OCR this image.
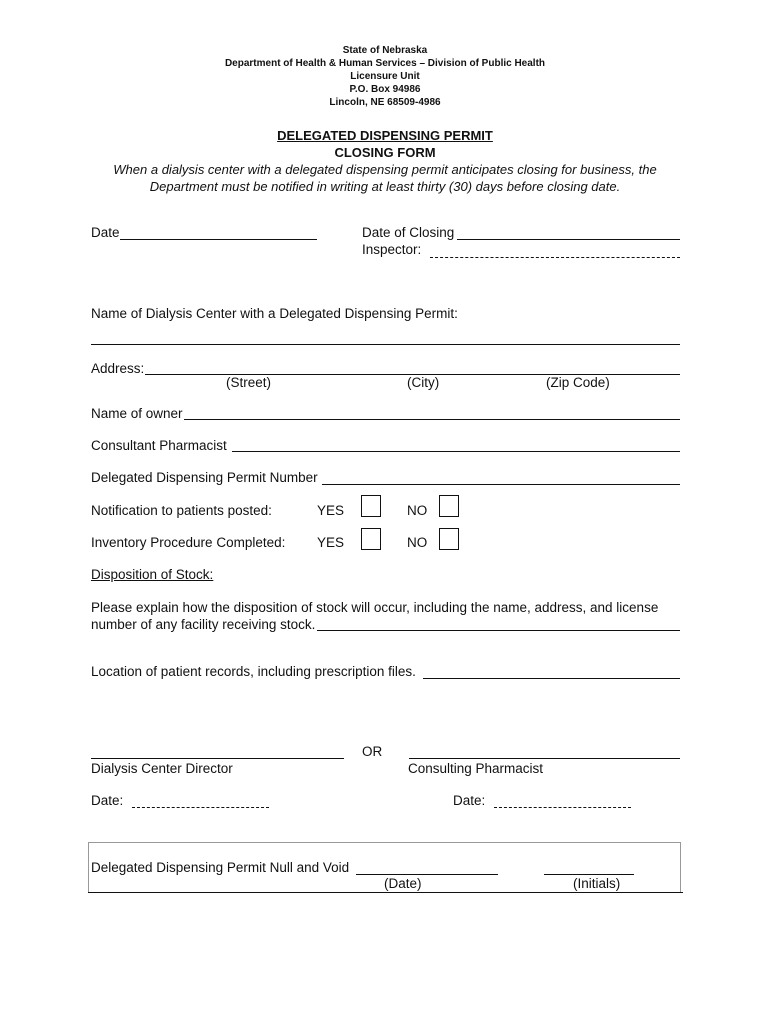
State of Nebraska
Department of Health & Human Services – Division of Public Health
Licensure Unit
P.O. Box 94986
Lincoln, NE 68509-4986
DELEGATED DISPENSING PERMIT
CLOSING FORM
When a dialysis center with a delegated dispensing permit anticipates closing for business, the
Department must be notified in writing at least thirty (30) days before closing date.
Date	Date of Closing
Inspector:
Name of Dialysis Center with a Delegated Dispensing Permit:
Address:
(Street)	(City)	(Zip Code)
Name of owner
Consultant Pharmacist
Delegated Dispensing Permit Number
Notification to patients posted:	YES	NO
Inventory Procedure Completed: YES	NO
Disposition of Stock:
Please explain how the disposition of stock will occur, including the name, address, and license
number of any facility receiving stock.
Location of patient records, including prescription files.
OR
Dialysis Center Director	Consulting Pharmacist
Date:	Date:
Delegated Dispensing Permit Null and Void
(Date)	(Initials)
